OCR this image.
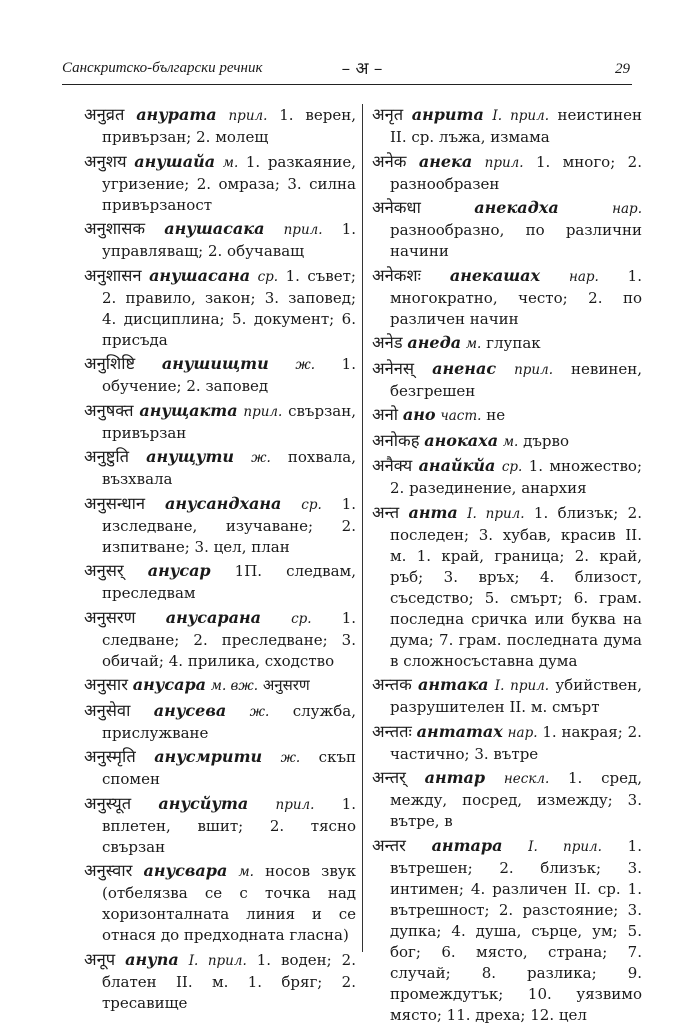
Санскритско-български речник	– अ –	29

अनुव्रत анурата прил. 1. верен, привързан; 2. молещ

अनुशय анушайа м. 1. разкаяние, угризение; 2. омраза; 3. силна привързаност

अनुशासक анушасака прил. 1. управляващ; 2. обучаващ

अनुशासन анушасана ср. 1. съвет; 2. правило, закон; 3. заповед; 4. дисциплина; 5. документ; 6. присъда

अनुशिष्टि анушищти ж. 1. обучение; 2. заповед

अनुषक्त анущакта прил. свързан, привързан

अनुष्टुति анущути ж. похвала, възхвала

अनुसन्धान анусандхана ср. 1. изследване, изучаване; 2. изпитване; 3. цел, план

अनुसर् анусар 1П. следвам, преследвам

अनुसरण анусарана ср. 1. следване; 2. преследване; 3. обичай; 4. прилика, сходство

अनुसार анусара м. вж. अनुसरण

अनुसेवा анусева ж. служба, прислужване

अनुस्मृति анусмрити ж. скъп спомен

अनुस्यूत анусйута прил. 1. вплетен, вшит; 2. тясно свързан

अनुस्वार анусвара м. носов звук (отбелязва се с точка над хоризонталната линия и се отнася до предходната гласна)

अनूप анупа I. прил. 1. воден; 2. блатен II. м. 1. бряг; 2. тресавище

अनृत анрита I. прил. неистинен II. ср. лъжа, измама

अनेक анека прил. 1. много; 2. разнообразен

अनेकधा	анекадха	нар. разнообразно, по различни начини

अनेकशः анекашах нар. 1. многократно, често; 2. по различен начин

अनेड анеда м. глупак

अनेनस् аненас прил. невинен, безгрешен

अनो ано част. не

अनोकह анокаха м. дърво

अनैक्य анайкйа ср. 1. множество; 2. разединение, анархия

अन्त анта I. прил. 1. близък; 2. последен; 3. хубав, красив II. м. 1. край, граница; 2. край, ръб; 3. връх; 4. близост, съседство; 5. смърт; 6. грам. последна сричка или буква на дума; 7. грам. последната дума в сложносъставна дума

अन्तक антака I. прил. убийствен, разрушителен II. м. смърт

अन्ततः антатах нар. 1. накрая; 2. частично; 3. вътре

अन्तर् антар нескл. 1. сред, между, посред, измежду; 3. вътре, в

अन्तर антара I. прил. 1. вътрешен; 2. близък; 3. интимен; 4. различен II. ср. 1. вътрешност; 2. разстояние; 3. дупка; 4. душа, сърце, ум; 5. бог; 6. място, страна; 7. случай; 8. разлика; 9. промеждутък; 10. уязвимо място; 11. дреха; 12. цел
